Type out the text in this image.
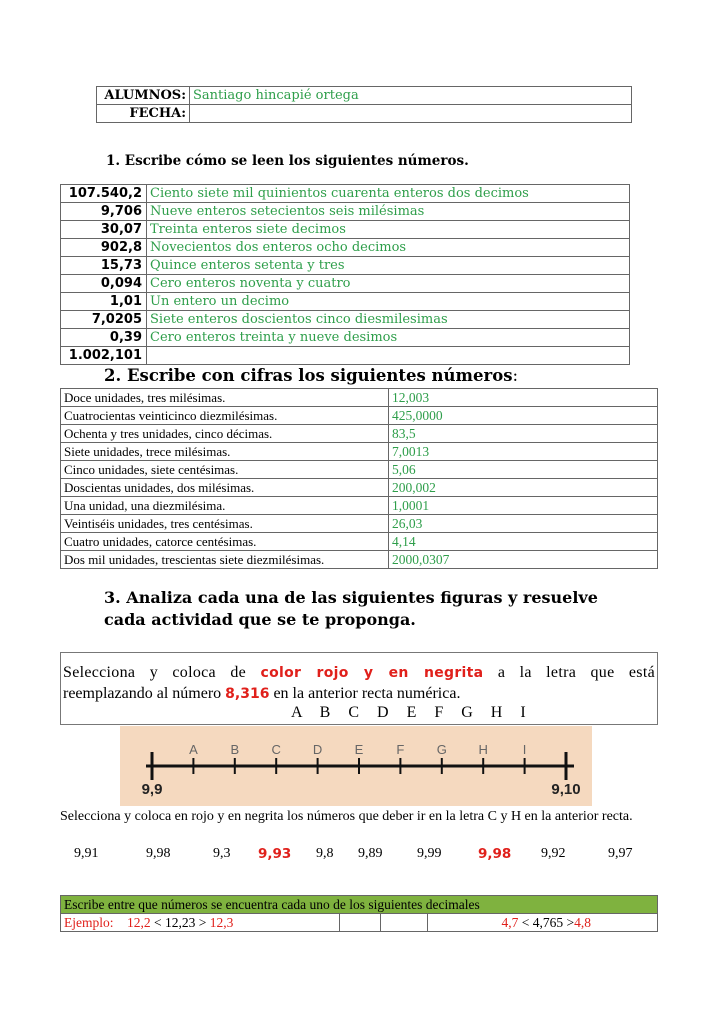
ALUMNOS:	Santiago hincapié ortega
FECHA:	
1. Escribe cómo se leen los siguientes números.
107.540,2	Ciento siete mil quinientos cuarenta enteros dos decimos
9,706	Nueve enteros setecientos seis milésimas
30,07	Treinta enteros siete decimos
902,8	Novecientos dos enteros ocho decimos
15,73	Quince enteros setenta y tres
0,094	Cero enteros noventa y cuatro
1,01	Un entero un decimo
7,0205	Siete enteros doscientos cinco diesmilesimas
0,39	Cero enteros treinta y nueve desimos
1.002,101	
2. Escribe con cifras los siguientes números:
Doce unidades, tres milésimas.	12,003
Cuatrocientas veinticinco diezmilésimas.	425,0000
Ochenta y tres unidades, cinco décimas.	83,5
Siete unidades, trece milésimas.	7,0013
Cinco unidades, siete centésimas.	5,06
Doscientas unidades, dos milésimas.	200,002
Una unidad, una diezmilésima.	1,0001
Veintiséis unidades, tres centésimas.	26,03
Cuatro unidades, catorce centésimas.	4,14
Dos mil unidades, trescientas siete diezmilésimas.	2000,0307
3. Analiza cada una de las siguientes figuras y resuelve
cada actividad que se te proponga.
Selecciona y coloca de color rojo y en negrita a la letra que está
reemplazando al número 8,316 en la anterior recta numérica.
A B C D E F G H I
A	B C D E	F G H	I
9,9	9,10
Selecciona y coloca en rojo y en negrita los números que deber ir en la letra C y H en la anterior recta.
9,91	9,98	9,3 9,93 9,8 9,89 9,99	9,98 9,92	9,97
Escribe entre que números se encuentra cada uno de los siguientes decimales
Ejemplo: 12,2 < 12,23 > 12,3			4,7 < 4,765 >4,8
